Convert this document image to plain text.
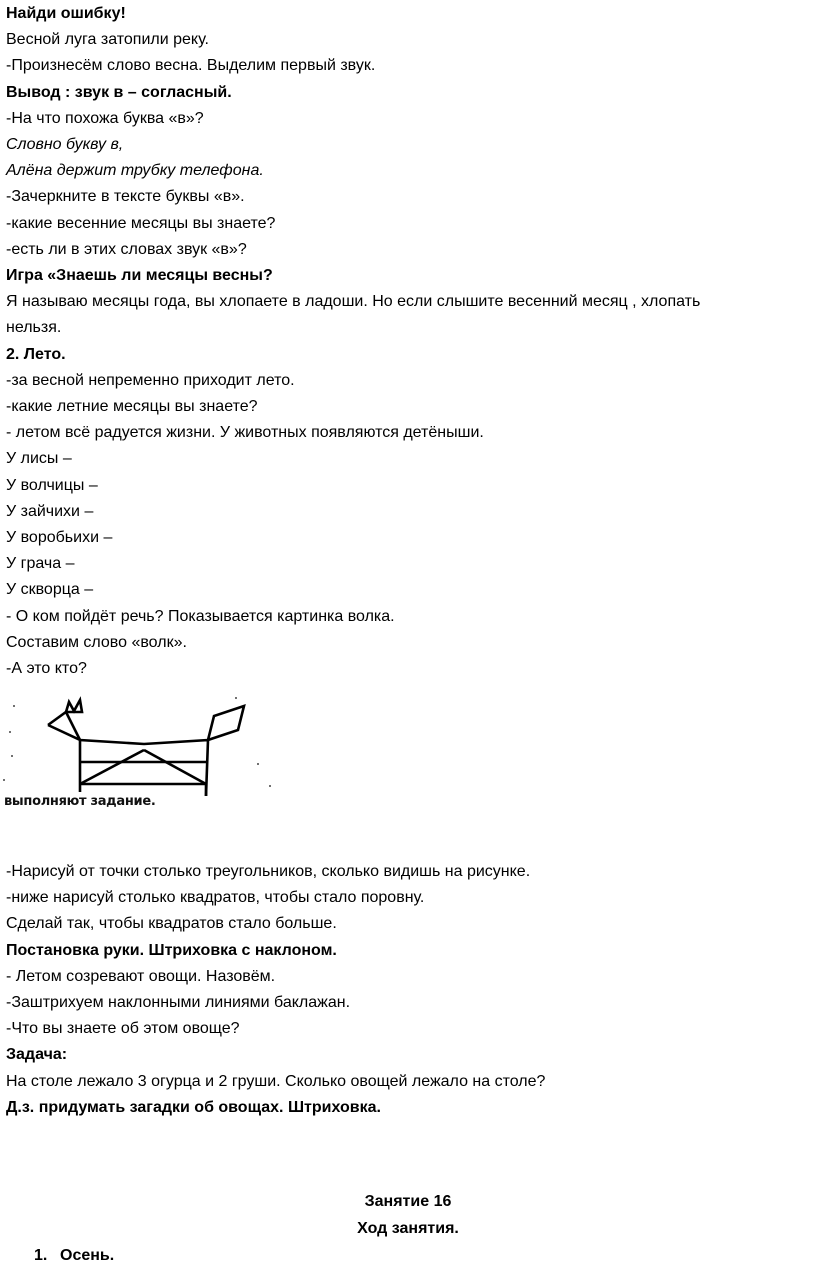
Найди ошибку!
Весной луга затопили реку.
-Произнесём слово весна. Выделим первый звук.
Вывод : звук в – согласный.
-На что похожа буква «в»?
Словно букву в,
Алёна держит трубку телефона.
-Зачеркните в тексте буквы «в».
-какие весенние месяцы вы знаете?
-есть ли в этих словах звук «в»?
Игра «Знаешь ли месяцы весны?
Я называю месяцы года, вы хлопаете в ладоши. Но если слышите весенний месяц , хлопать
нельзя.
2. Лето.
-за весной непременно приходит лето.
-какие летние месяцы вы знаете?
- летом всё радуется жизни. У животных появляются детёныши.
У лисы –
У волчицы –
У зайчихи –
У воробьихи –
У грача –
У скворца –
- О ком пойдёт речь? Показывается картинка волка.
Составим слово «волк».
-А это кто?
выполняют задание.
-Нарисуй от точки столько треугольников, сколько видишь на рисунке.
-ниже нарисуй столько квадратов, чтобы стало поровну.
Сделай так, чтобы квадратов стало больше.
Постановка руки. Штриховка с наклоном.
- Летом созревают овощи. Назовём.
-Заштрихуем наклонными линиями баклажан.
-Что вы знаете об этом овоще?
Задача:
На столе лежало 3 огурца и 2 груши. Сколько овощей лежало на столе?
Д.з. придумать загадки об овощах. Штриховка.
Занятие 16
Ход занятия.
1. Осень.
